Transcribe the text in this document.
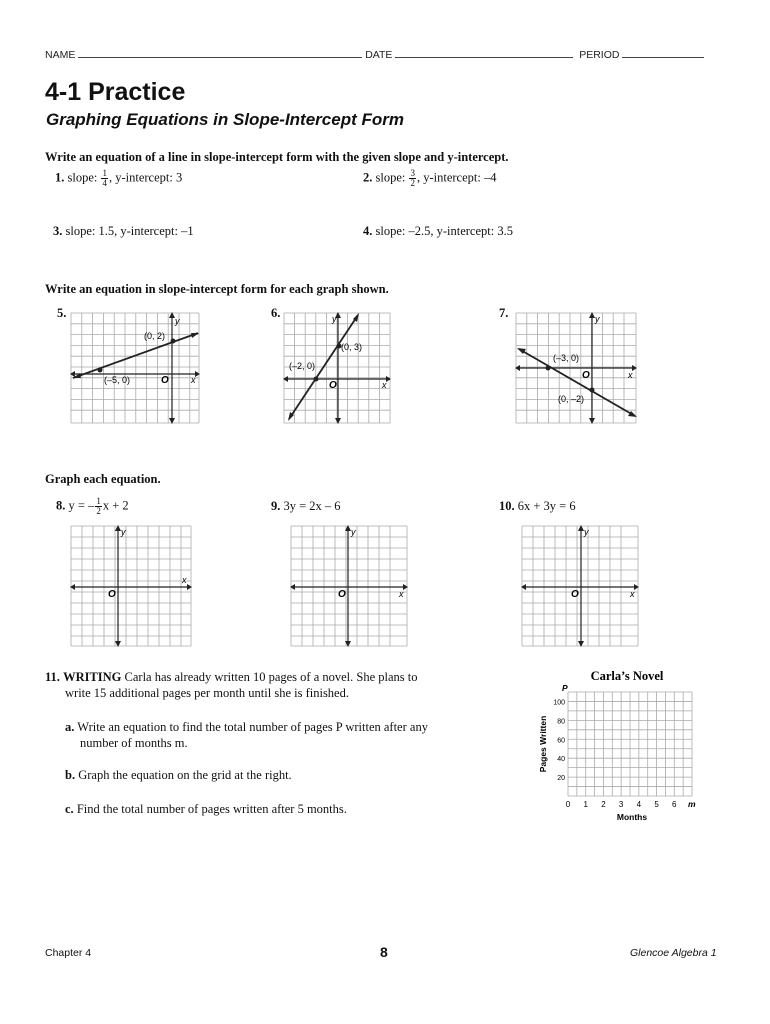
NAME	DATE	PERIOD
4-1 Practice
Graphing Equations in Slope-Intercept Form
Write an equation of a line in slope-intercept form with the given slope and y-intercept.
1. slope: $\frac{1}{4}$ , y-intercept: 3	2. slope: $\frac{3}{2}$ , y-intercept: –4
3. slope: 1.5, y-intercept: –1	4. slope: –2.5, y-intercept: 3.5
Write an equation in slope-intercept form for each graph shown.
5.
(0, 2)
(–5, 0)	O x
y
6.
(0, 3)
(–2, 0)
O	x
y	7.
(–3, 0)
(0, –2)
O	x
y
Graph each equation.
8. y = – $\frac{1}{2}$ x + 2	9. 3y = 2x – 6	10. 6x + 3y = 6
O
x
y
O	x
y
O	x
y
11. WRITING Carla has already written 10 pages of a novel. She plans to
write 15 additional pages per month until she is finished.
a. Write an equation to find the total number of pages P written after any
number of months m.
b. Graph the equation on the grid at the right.
c. Find the total number of pages written after 5 months.
Carla’s Novel
0 1 2 3 4 5 6
20
40
60
80
100
m
P
Pages Written
Months
Chapter 4	8	Glencoe Algebra 1
